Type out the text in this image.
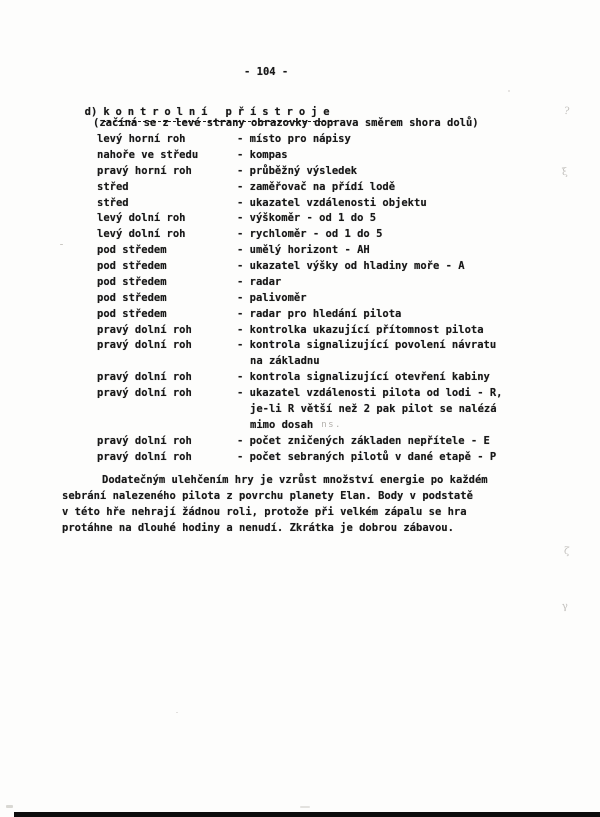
- 104 -

d) kontrolní přístroje

(začíná se z levé strany obrazovky doprava směrem shora dolů)
levý horní roh	- místo pro nápisy
nahoře ve středu	- kompas
pravý horní roh	- průběžný výsledek
střed	- zaměřovač na přídí lodě
střed	- ukazatel vzdálenosti objektu
levý dolní roh	- výškoměr - od 1 do 5
levý dolní roh	- rychloměr - od 1 do 5
pod středem	- umělý horizont - AH
pod středem	- ukazatel výšky od hladiny moře - A
pod středem	- radar
pod středem	- palivoměr
pod středem	- radar pro hledání pilota
pravý dolní roh	- kontrolka ukazující přítomnost pilota
pravý dolní roh	- kontrola signalizující povolení návratu
na základnu
pravý dolní roh	- kontrola signalizující otevření kabiny
pravý dolní roh	- ukazatel vzdálenosti pilota od lodi - R,
je-li R větší než 2 pak pilot se nalézá
mimo dosah ns.
pravý dolní roh	- počet zničených základen nepřítele - E
pravý dolní roh	- počet sebraných pilotů v dané etapě - P
Dodatečným ulehčením hry je vzrůst množství energie po každém
sebrání nalezeného pilota z povrchu planety Elan. Body v podstatě
v této hře nehrají žádnou roli, protože při velkém zápalu se hra
protáhne na dlouhé hodiny a nenudí. Zkrátka je dobrou zábavou.
?
ξ
ζ
γ
